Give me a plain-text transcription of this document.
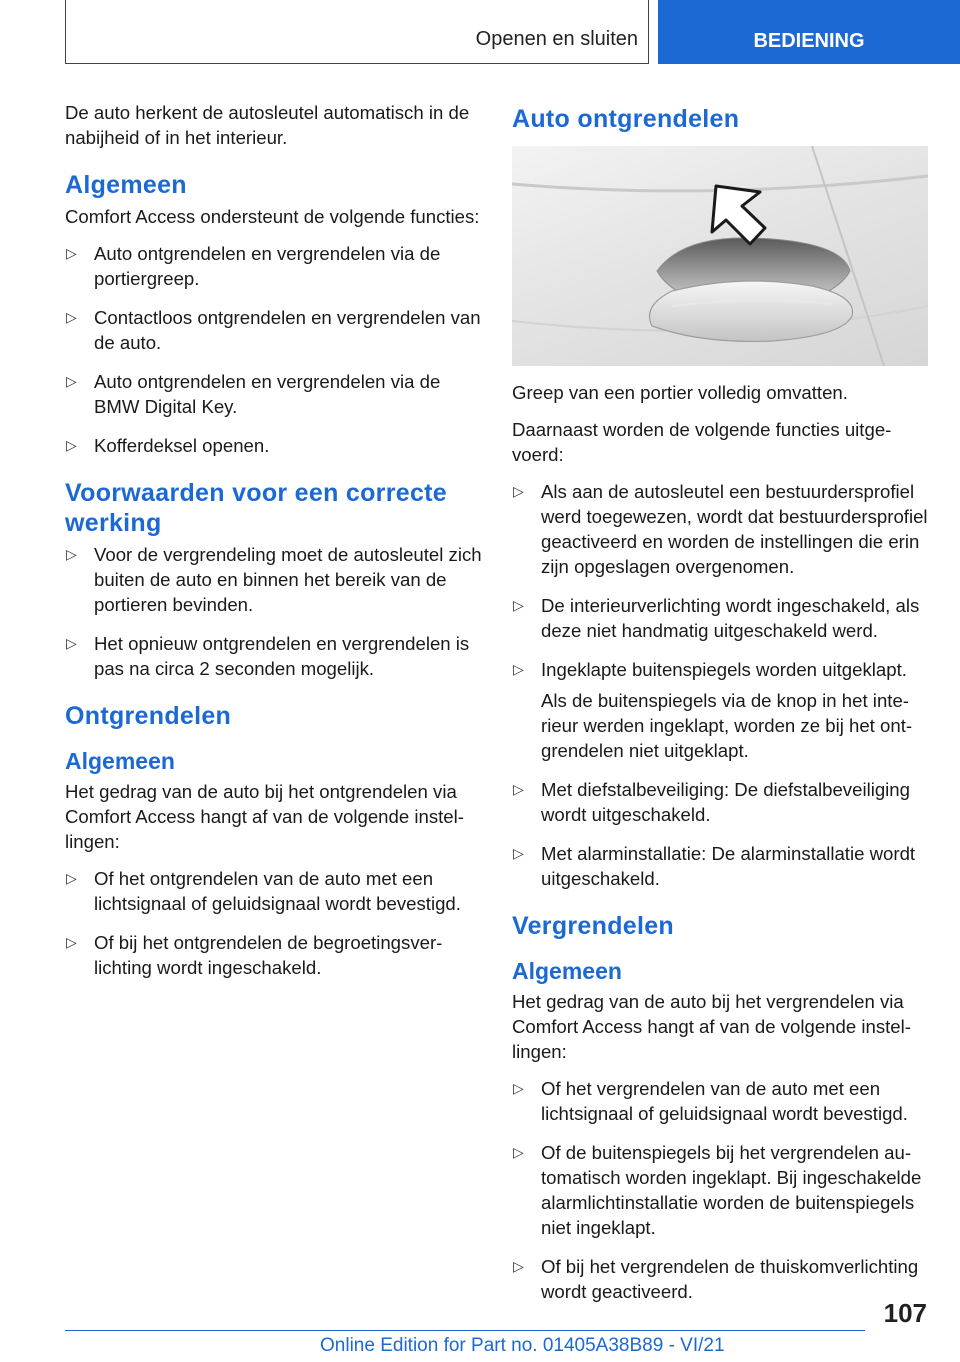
Openen en sluiten	BEDIENING

De auto herkent de autosleutel automatisch in de nabijheid of in het interieur.

Algemeen

Comfort Access ondersteunt de volgende functies:

▷ Auto ontgrendelen en vergrendelen via de portiergreep.
▷ Contactloos ontgrendelen en vergrendelen van de auto.
▷ Auto ontgrendelen en vergrendelen via de BMW Digital Key.
▷ Kofferdeksel openen.
Voorwaarden voor een correcte werking
▷ Voor de vergrendeling moet de autosleutel zich buiten de auto en binnen het bereik van de portieren bevinden.
▷ Het opnieuw ontgrendelen en vergrendelen is pas na circa 2 seconden mogelijk.
Ontgrendelen
Algemeen

Het gedrag van de auto bij het ontgrendelen via Comfort Access hangt af van de volgende instellingen:

▷ Of het ontgrendelen van de auto met een lichtsignaal of geluidsignaal wordt bevestigd.
▷ Of bij het ontgrendelen de begroetingsverlichting wordt ingeschakeld.
Auto ontgrendelen

Greep van een portier volledig omvatten.

Daarnaast worden de volgende functies uitgevoerd:

▷ Als aan de autosleutel een bestuurdersprofiel werd toegewezen, wordt dat bestuurdersprofiel geactiveerd en worden de instellingen die erin zijn opgeslagen overgenomen.
▷ De interieurverlichting wordt ingeschakeld, als deze niet handmatig uitgeschakeld werd.
▷ Ingeklapte buitenspiegels worden uitgeklapt.
Als de buitenspiegels via de knop in het interieur werden ingeklapt, worden ze bij het ontgrendelen niet uitgeklapt.
▷ Met diefstalbeveiliging: De diefstalbeveiliging wordt uitgeschakeld.
▷ Met alarminstallatie: De alarminstallatie wordt uitgeschakeld.
Vergrendelen
Algemeen

Het gedrag van de auto bij het vergrendelen via Comfort Access hangt af van de volgende instellingen:

▷ Of het vergrendelen van de auto met een lichtsignaal of geluidsignaal wordt bevestigd.
▷ Of de buitenspiegels bij het vergrendelen automatisch worden ingeklapt. Bij ingeschakelde alarmlichtinstallatie worden de buitenspiegels niet ingeklapt.
▷ Of bij het vergrendelen de thuiskomverlichting wordt geactiveerd.
107
Online Edition for Part no. 01405A38B89 - VI/21
